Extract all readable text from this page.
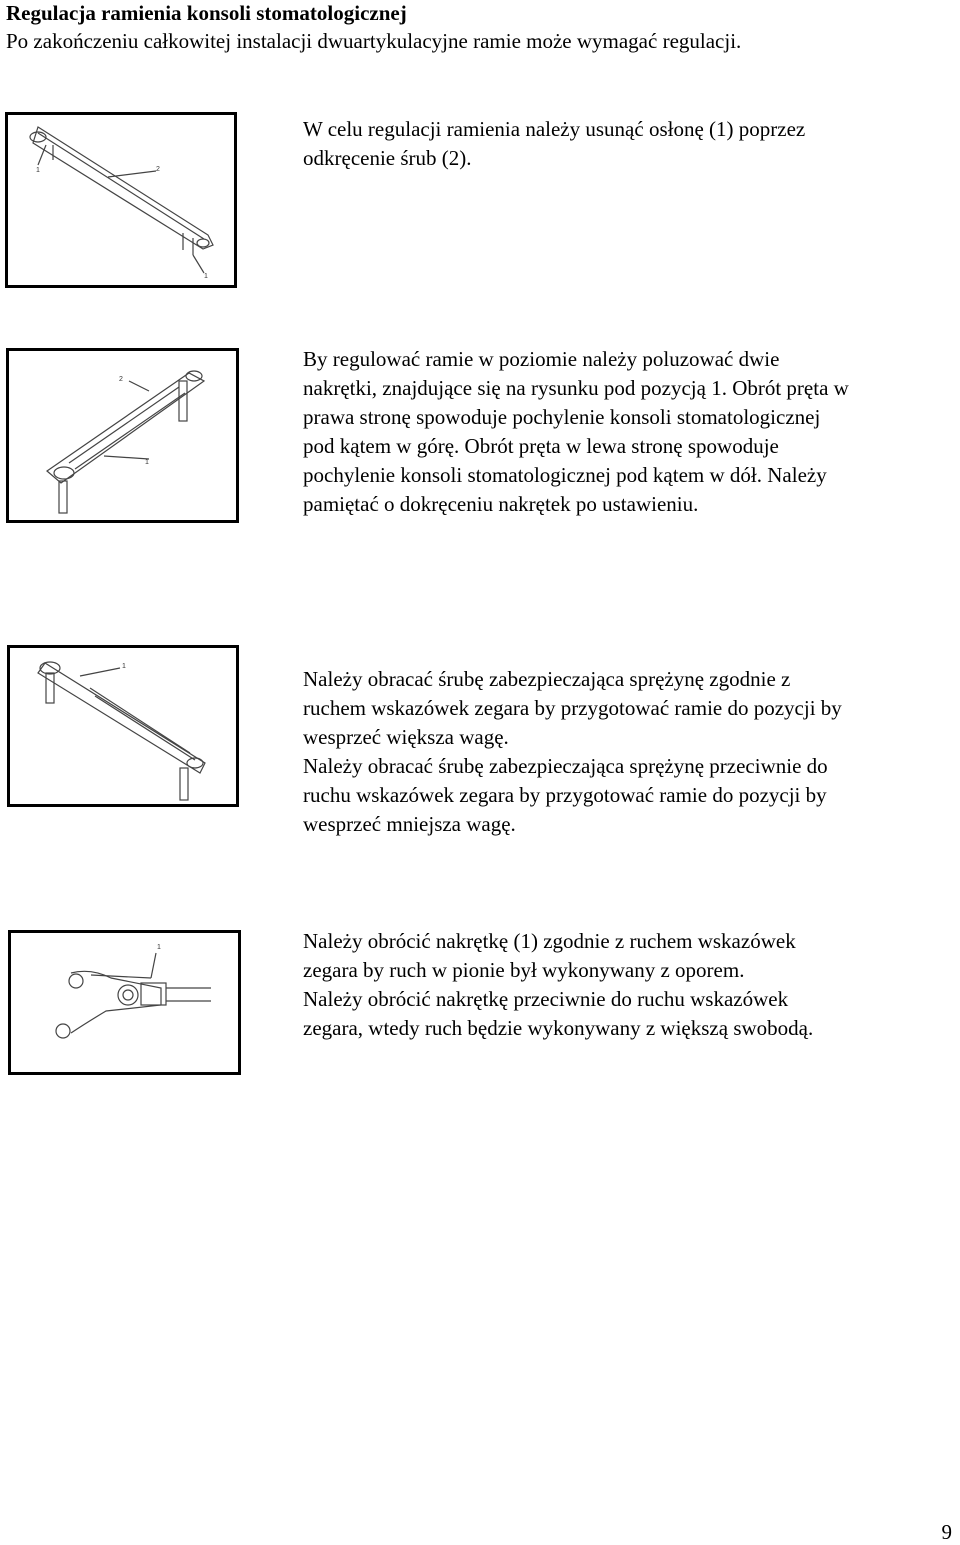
Regulacja ramienia konsoli stomatologicznej
Po zakończeniu całkowitej instalacji dwuartykulacyjne ramie może wymagać regulacji.
1	2
1

W celu regulacji ramienia należy usunąć osłonę (1) poprzez

odkręcenie śrub (2).

2
1

By regulować ramie w poziomie należy poluzować dwie

nakrętki, znajdujące się na rysunku pod pozycją 1. Obrót pręta w

prawa stronę spowoduje pochylenie konsoli stomatologicznej

pod kątem w górę. Obrót pręta w lewa stronę spowoduje

pochylenie konsoli stomatologicznej pod kątem w dół. Należy

pamiętać o dokręceniu nakrętek po ustawieniu.

1

Należy obracać śrubę zabezpieczająca sprężynę zgodnie z

ruchem wskazówek zegara by przygotować ramie do pozycji by

wesprzeć większa wagę.

Należy obracać śrubę zabezpieczająca sprężynę przeciwnie do

ruchu wskazówek zegara by przygotować ramie do pozycji by

wesprzeć mniejsza wagę.

1	Należy obrócić nakrętkę (1) zgodnie z ruchem wskazówek

zegara by ruch w pionie był wykonywany z oporem.

Należy obrócić nakrętkę przeciwnie do ruchu wskazówek

zegara, wtedy ruch będzie wykonywany z większą swobodą.

9
